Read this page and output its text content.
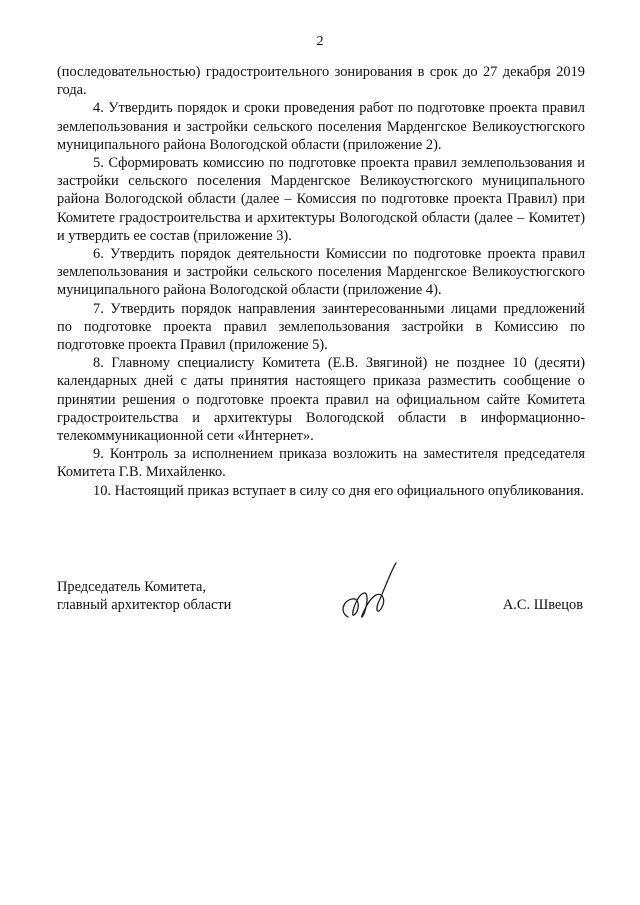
2

(последовательностью) градостроительного зонирования в срок до 27 декабря 2019 года.

4. Утвердить порядок и сроки проведения работ по подготовке проекта правил землепользования и застройки сельского поселения Марденгское Великоустюгского муниципального района Вологодской области (приложение 2).

5. Сформировать комиссию по подготовке проекта правил землепользования и застройки сельского поселения Марденгское Великоустюгского муниципального района Вологодской области (далее – Комиссия по подготовке проекта Правил) при Комитете градостроительства и архитектуры Вологодской области (далее – Комитет) и утвердить ее состав (приложение 3).

6. Утвердить порядок деятельности Комиссии по подготовке проекта правил землепользования и застройки сельского поселения Марденгское Великоустюгского муниципального района Вологодской области (приложение 4).

7. Утвердить порядок направления заинтересованными лицами предложений по подготовке проекта правил землепользования застройки в Комиссию по подготовке проекта Правил (приложение 5).

8. Главному специалисту Комитета (Е.В. Звягиной) не позднее 10 (десяти) календарных дней с даты принятия настоящего приказа разместить сообщение о принятии решения о подготовке проекта правил на официальном сайте Комитета градостроительства и архитектуры Вологодской области в информационно-телекоммуникационной сети «Интернет».

9. Контроль за исполнением приказа возложить на заместителя председателя Комитета Г.В. Михайленко.

10. Настоящий приказ вступает в силу со дня его официального опубликования.

Председатель Комитета,
главный архитектор области	А.С. Швецов
